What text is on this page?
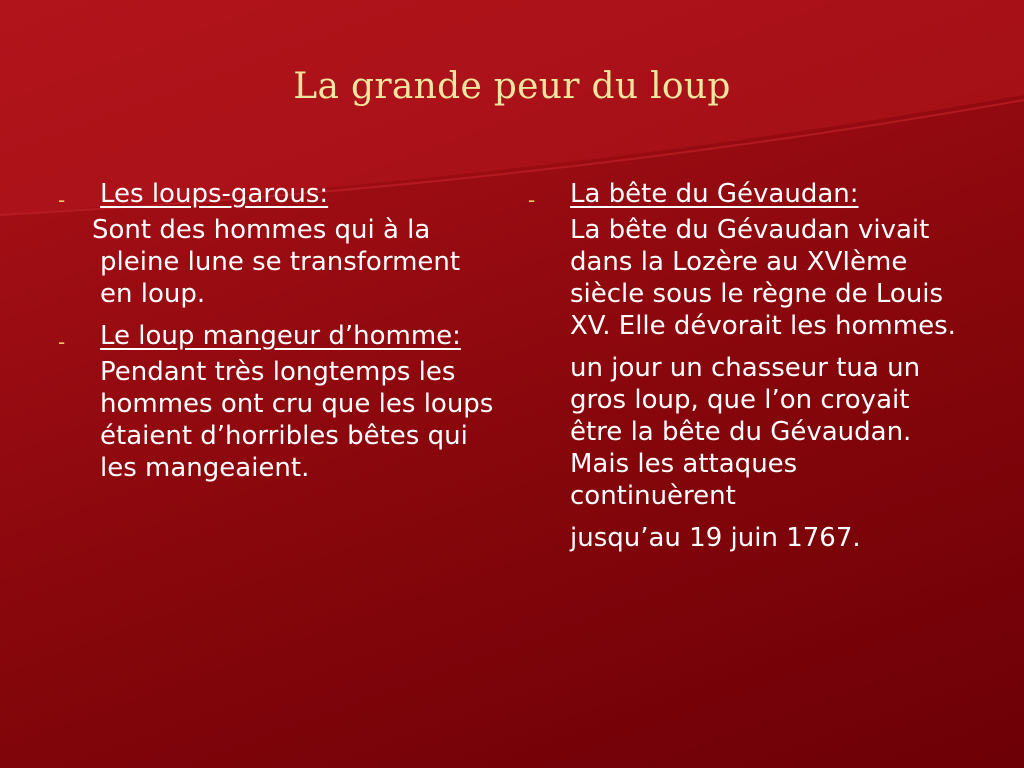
La grande peur du loup
- Les loups-garous:
Sont des hommes qui à la pleine lune se transforment en loup.
- Le loup mangeur d’homme:
Pendant très longtemps les hommes ont cru que les loups étaient d’horribles bêtes qui les mangeaient.
- La bête du Gévaudan:
La bête du Gévaudan vivait dans la Lozère au XVIème siècle sous le règne de Louis XV. Elle dévorait les hommes.
un jour un chasseur tua un gros loup, que l’on croyait être la bête du Gévaudan. Mais les attaques continuèrent
jusqu’au 19 juin 1767.
